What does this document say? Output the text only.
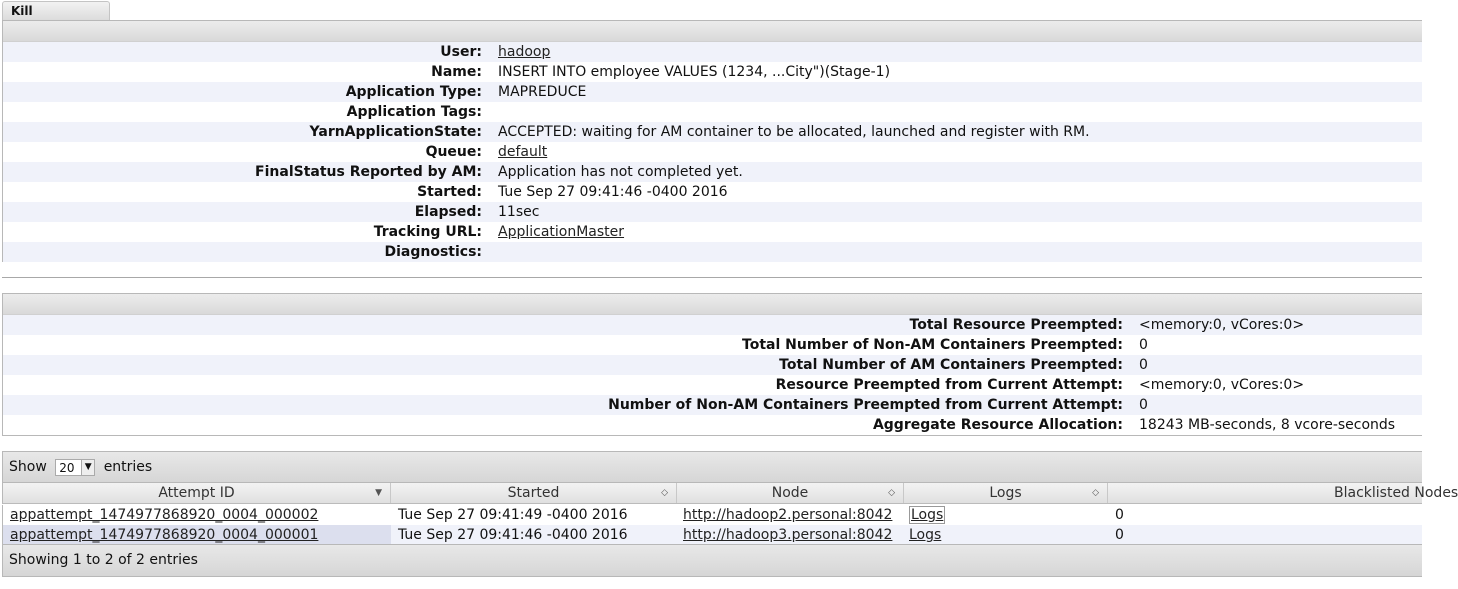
Kill
User:	hadoop
Name:	INSERT INTO employee VALUES (1234, ...City")(Stage-1)
Application Type:	MAPREDUCE
Application Tags:
YarnApplicationState:	ACCEPTED: waiting for AM container to be allocated, launched and register with RM.
Queue:	default
FinalStatus Reported by AM:	Application has not completed yet.
Started:	Tue Sep 27 09:41:46 -0400 2016
Elapsed:	11sec
Tracking URL:	ApplicationMaster
Diagnostics:
Total Resource Preempted:	<memory:0, vCores:0>
Total Number of Non-AM Containers Preempted:	0
Total Number of AM Containers Preempted:	0
Resource Preempted from Current Attempt:	<memory:0, vCores:0>
Number of Non-AM Containers Preempted from Current Attempt:	0
Aggregate Resource Allocation:	18243 MB-seconds, 8 vcore-seconds
Show 20	▼ entries
Attempt ID	▼	Started	◇	Node	◇	Logs	◇	Blacklisted Nodes
appattempt_1474977868920_0004_000002	Tue Sep 27 09:41:49 -0400 2016	http://hadoop2.personal:8042 Logs	0
appattempt_1474977868920_0004_000001	Tue Sep 27 09:41:46 -0400 2016	http://hadoop3.personal:8042 Logs	0
Showing 1 to 2 of 2 entries
